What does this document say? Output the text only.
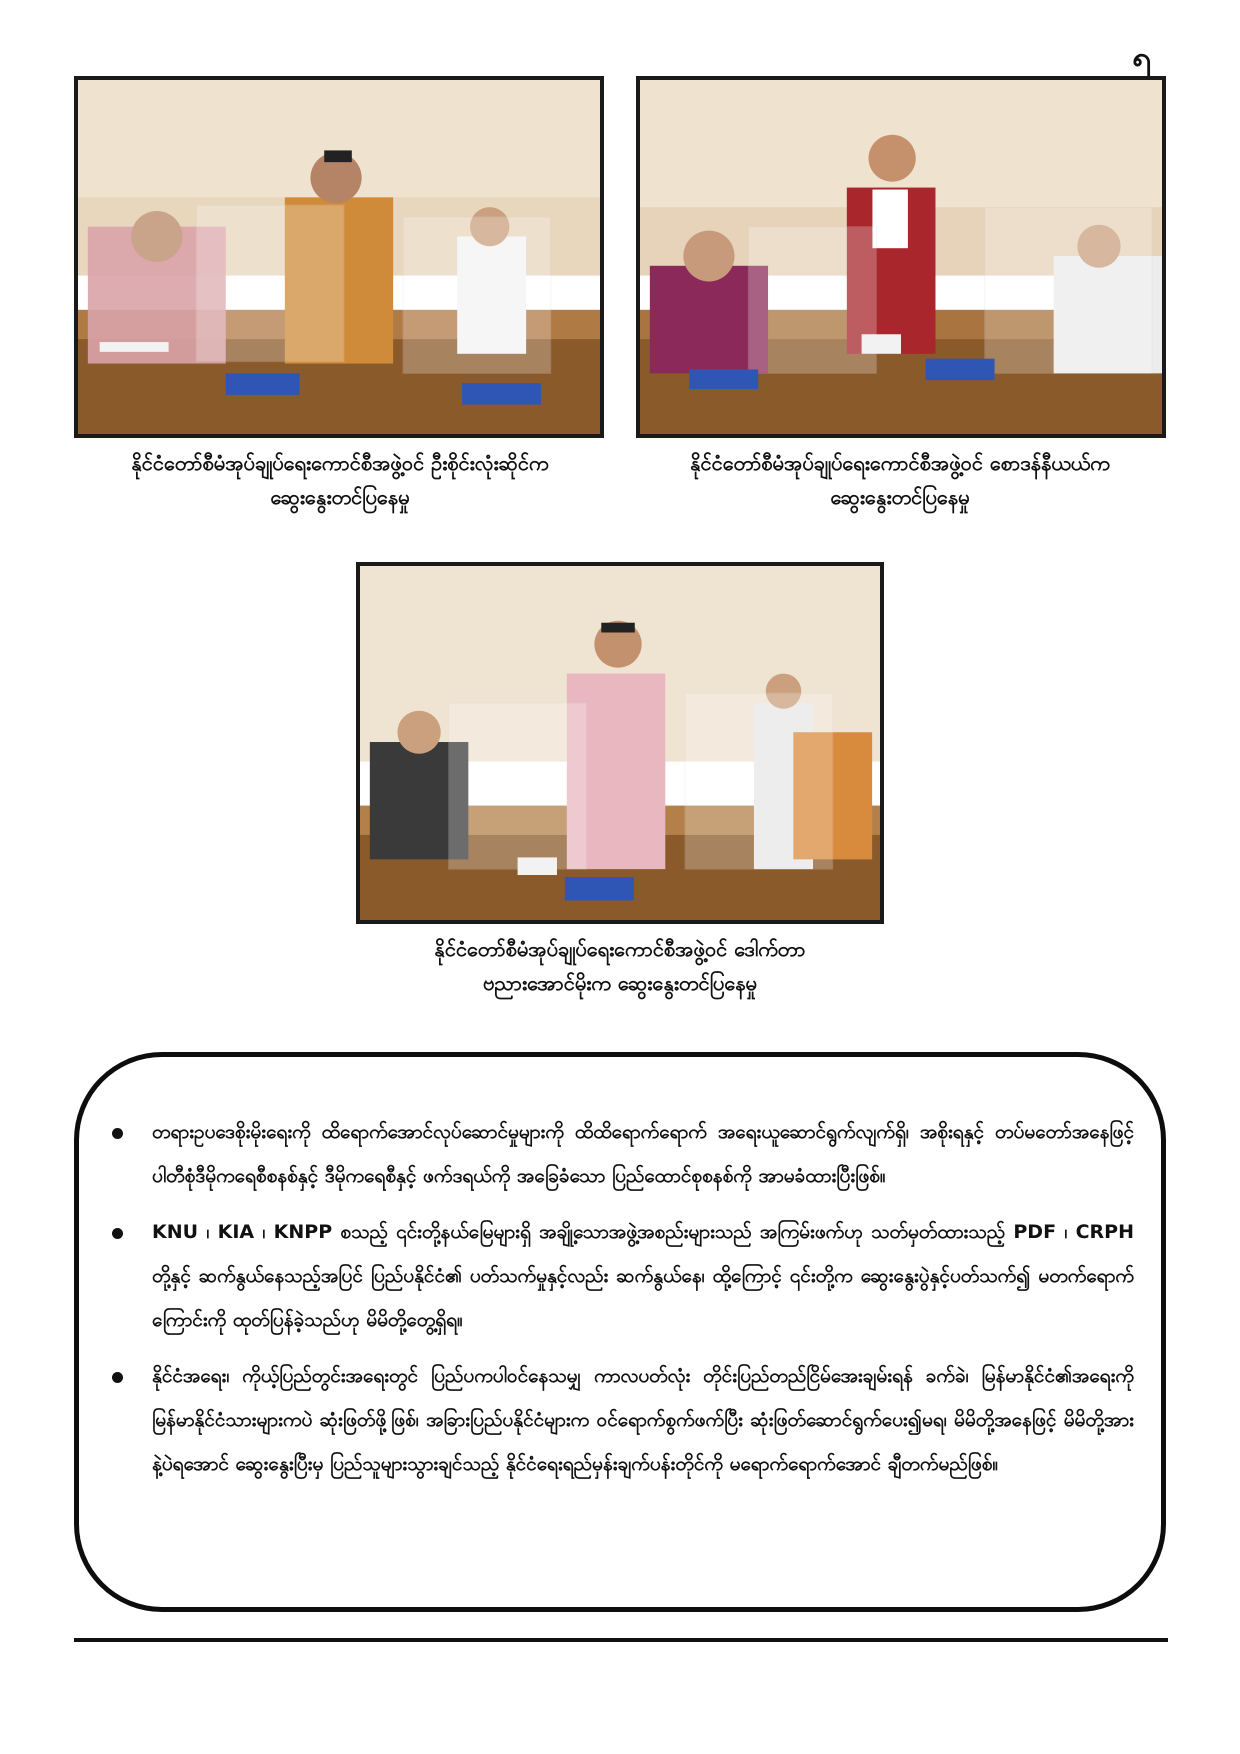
၅
နိုင်ငံတော်စီမံအုပ်ချုပ်ရေးကောင်စီအဖွဲ့ဝင် ဦးစိုင်းလုံးဆိုင်က
ဆွေးနွေးတင်ပြနေမှု
နိုင်ငံတော်စီမံအုပ်ချုပ်ရေးကောင်စီအဖွဲ့ဝင် စောဒန်နီယယ်က
ဆွေးနွေးတင်ပြနေမှု
နိုင်ငံတော်စီမံအုပ်ချုပ်ရေးကောင်စီအဖွဲ့ဝင် ဒေါက်တာ
ဗညားအောင်မိုးက ဆွေးနွေးတင်ပြနေမှု
တရားဥပဒေစိုးမိုးရေးကို ထိရောက်အောင်လုပ်ဆောင်မှုများကို ထိထိရောက်ရောက် အရေးယူဆောင်ရွက်လျက်ရှိ၊ အစိုးရနှင့် တပ်မတော်အနေဖြင့် ပါတီစုံဒီမိုကရေစီစနစ်နှင့် ဒီမိုကရေစီနှင့် ဖက်ဒရယ်ကို အခြေခံသော ပြည်ထောင်စုစနစ်ကို အာမခံထားပြီးဖြစ်။
KNU ၊ KIA ၊ KNPP စသည့် ၎င်းတို့နယ်မြေများရှိ အချို့သောအဖွဲ့အစည်းများသည် အကြမ်းဖက်ဟု သတ်မှတ်ထားသည့် PDF ၊ CRPH တို့နှင့် ဆက်နွယ်နေသည့်အပြင် ပြည်ပနိုင်ငံ၏ ပတ်သက်မှုနှင့်လည်း ဆက်နွယ်နေ၊ ထို့ကြောင့် ၎င်းတို့က ဆွေးနွေးပွဲနှင့်ပတ်သက်၍ မတက်ရောက်ကြောင်းကို ထုတ်ပြန်ခဲ့သည်ဟု မိမိတို့တွေ့ရှိရ။
နိုင်ငံအရေး၊ ကိုယ့်ပြည်တွင်းအရေးတွင် ပြည်ပကပါဝင်နေသမျှ ကာလပတ်လုံး တိုင်းပြည်တည်ငြိမ်အေးချမ်းရန် ခက်ခဲ၊ မြန်မာနိုင်ငံ၏အရေးကို မြန်မာနိုင်ငံသားများကပဲ ဆုံးဖြတ်ဖို့ဖြစ်၊ အခြားပြည်ပနိုင်ငံများက ဝင်ရောက်စွက်ဖက်ပြီး ဆုံးဖြတ်ဆောင်ရွက်ပေး၍မရ၊ မိမိတို့အနေဖြင့် မိမိတို့အားနဲ့ပဲရအောင် ဆွေးနွေးပြီးမှ ပြည်သူများသွားချင်သည့် နိုင်ငံရေးရည်မှန်းချက်ပန်းတိုင်ကို မရောက်ရောက်အောင် ချီတက်မည်ဖြစ်။
